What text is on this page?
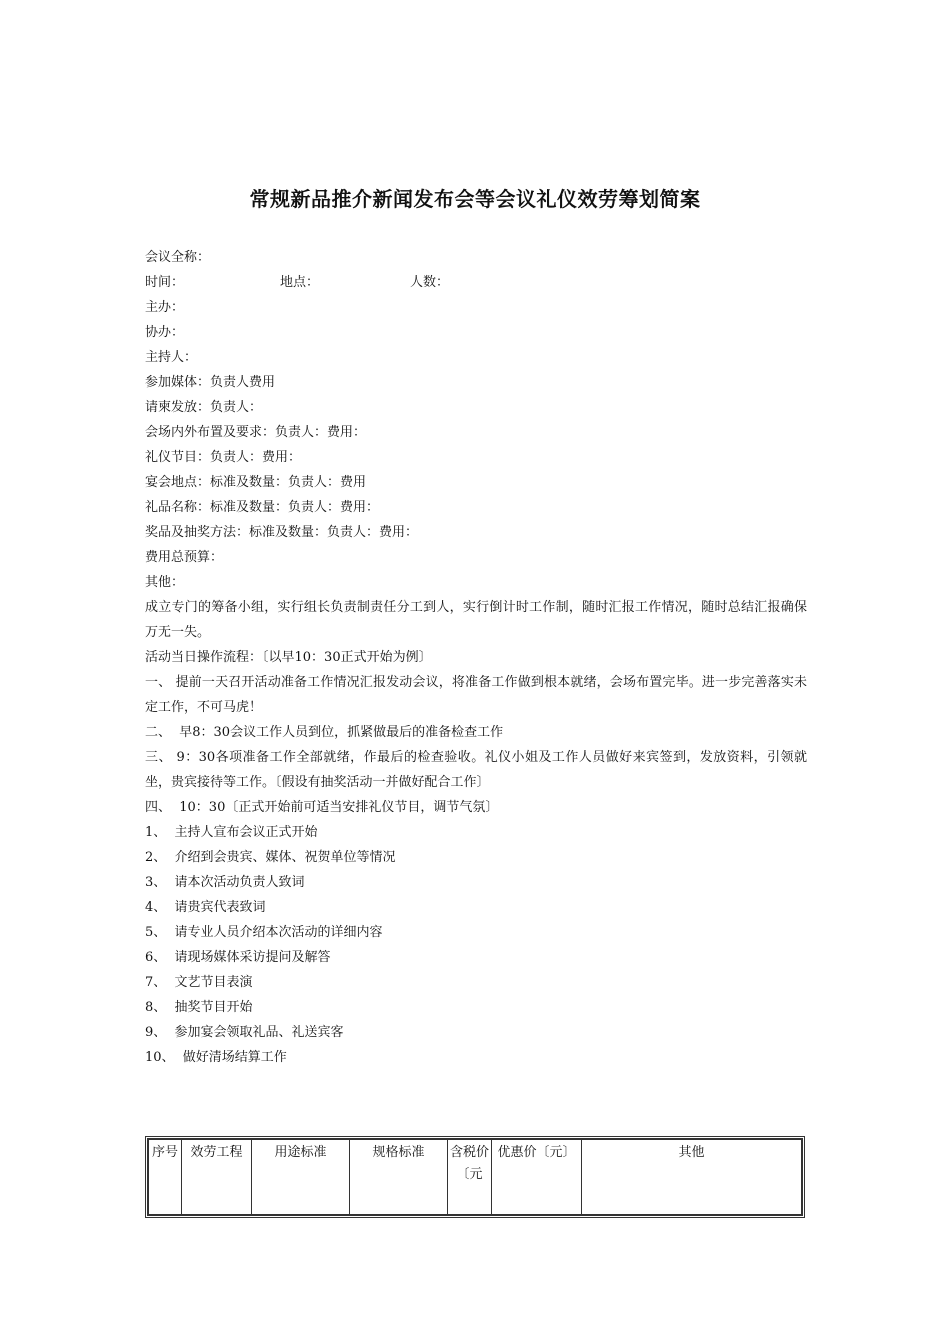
常规新品推介新闻发布会等会议礼仪效劳筹划简案

会议全称：

时间：	地点：	人数：

主办：

协办：

主持人：

参加媒体：负责人费用

请柬发放：负责人：

会场内外布置及要求：负责人：费用：

礼仪节目：负责人：费用：

宴会地点：标准及数量：负责人：费用

礼品名称：标准及数量：负责人：费用：

奖品及抽奖方法：标准及数量：负责人：费用：

费用总预算：

其他：

成立专门的筹备小组，实行组长负责制责任分工到人，实行倒计时工作制，随时汇报工作情况，随时总结汇报确保万无一失。

活动当日操作流程：〔以早10：30正式开始为例〕

一、 提前一天召开活动准备工作情况汇报发动会议，将准备工作做到根本就绪，会场布置完毕。进一步完善落实未定工作，不可马虎！

二、  早8：30会议工作人员到位，抓紧做最后的准备检查工作

三、 9：30各项准备工作全部就绪，作最后的检查验收。礼仪小姐及工作人员做好来宾签到，发放资料，引领就坐，贵宾接待等工作。〔假设有抽奖活动一并做好配合工作〕

四、  10：30〔正式开始前可适当安排礼仪节目，调节气氛〕

1、  主持人宣布会议正式开始

2、  介绍到会贵宾、媒体、祝贺单位等情况

3、  请本次活动负责人致词

4、  请贵宾代表致词

5、  请专业人员介绍本次活动的详细内容

6、  请现场媒体采访提问及解答

7、  文艺节目表演

8、  抽奖节目开始

9、  参加宴会领取礼品、礼送宾客

10、  做好清场结算工作

序号	效劳工程	用途标准	规格标准	含税价〔元	优惠价〔元〕	其他
